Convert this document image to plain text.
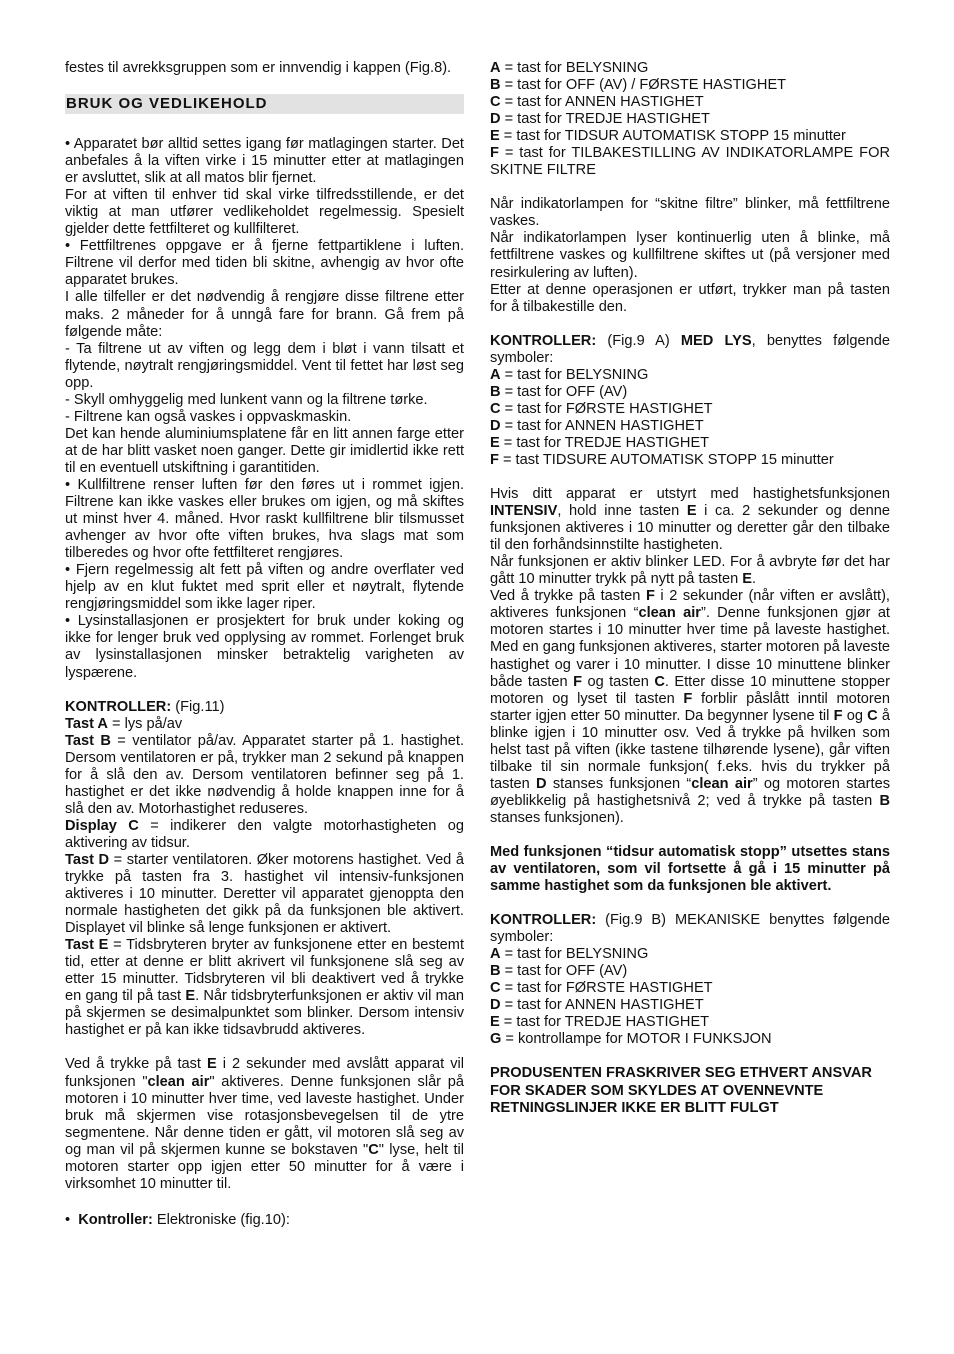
festes til avrekksgruppen som er innvendig i kappen (Fig.8).

BRUK OG VEDLIKEHOLD

• Apparatet bør alltid settes igang før matlagingen starter. Det anbefales å la viften virke i 15 minutter etter at matlagingen er avsluttet, slik at all matos blir fjernet.

For at viften til enhver tid skal virke tilfredsstillende, er det viktig at man utfører vedlikeholdet regelmessig. Spesielt gjelder dette fettfilteret og kullfilteret.

• Fettfiltrenes oppgave er å fjerne fettpartiklene i luften. Filtrene vil derfor med tiden bli skitne, avhengig av hvor ofte apparatet brukes.

I alle tilfeller er det nødvendig å rengjøre disse filtrene etter maks. 2 måneder for å unngå fare for brann. Gå frem på følgende måte:

- Ta filtrene ut av viften og legg dem i bløt i vann tilsatt et flytende, nøytralt rengjøringsmiddel. Vent til fettet har løst seg opp.

- Skyll omhyggelig med lunkent vann og la filtrene tørke.

- Filtrene kan også vaskes i oppvaskmaskin.

Det kan hende aluminiumsplatene får en litt annen farge etter at de har blitt vasket noen ganger. Dette gir imidlertid ikke rett til en eventuell utskiftning i garantitiden.

• Kullfiltrene renser luften før den føres ut i rommet igjen. Filtrene kan ikke vaskes eller brukes om igjen, og må skiftes ut minst hver 4. måned. Hvor raskt kullfiltrene blir tilsmusset avhenger av hvor ofte viften brukes, hva slags mat som tilberedes og hvor ofte fettfilteret rengjøres.

• Fjern regelmessig alt fett på viften og andre overflater ved hjelp av en klut fuktet med sprit eller et nøytralt, flytende rengjøringsmiddel som ikke lager riper.

• Lysinstallasjonen er prosjektert for bruk under koking og ikke for lenger bruk ved opplysing av rommet. Forlenget bruk av lysinstallasjonen minsker betraktelig varigheten av lyspærene.

KONTROLLER: (Fig.11)

Tast A = lys på/av

Tast B = ventilator på/av. Apparatet starter på 1. hastighet. Dersom ventilatoren er på, trykker man 2 sekund på knappen for å slå den av. Dersom ventilatoren befinner seg på 1. hastighet er det ikke nødvendig å holde knappen inne for å slå den av. Motorhastighet reduseres.

Display C = indikerer den valgte motorhastigheten og aktivering av tidsur.

Tast D = starter ventilatoren. Øker motorens hastighet. Ved å trykke på tasten fra 3. hastighet vil intensiv-funksjonen aktiveres i 10 minutter. Deretter vil apparatet gjenoppta den normale hastigheten det gikk på da funksjonen ble aktivert. Displayet vil blinke så lenge funksjonen er aktivert.

Tast E = Tidsbryteren bryter av funksjonene etter en bestemt tid, etter at denne er blitt akrivert vil funksjonene slå seg av etter 15 minutter. Tidsbryteren vil bli deaktivert ved å trykke en gang til på tast E. Når tidsbryterfunksjonen er aktiv vil man på skjermen se desimalpunktet som blinker. Dersom intensiv hastighet er på kan ikke tidsavbrudd aktiveres.

Ved å trykke på tast E i 2 sekunder med avslått apparat vil funksjonen "clean air" aktiveres. Denne funksjonen slår på motoren i 10 minutter hver time, ved laveste hastighet. Under bruk må skjermen vise rotasjonsbevegelsen til de ytre segmentene. Når denne tiden er gått, vil motoren slå seg av og man vil på skjermen kunne se bokstaven "C" lyse, helt til motoren starter opp igjen etter 50 minutter for å være i virksomhet 10 minutter til.

•  Kontroller: Elektroniske (fig.10):

A = tast for BELYSNING

B = tast for OFF (AV) / FØRSTE HASTIGHET

C = tast for ANNEN HASTIGHET

D = tast for TREDJE HASTIGHET

E = tast for TIDSUR AUTOMATISK STOPP 15 minutter

F = tast for TILBAKESTILLING AV INDIKATORLAMPE FOR SKITNE FILTRE

Når indikatorlampen for “skitne filtre” blinker, må fettfiltrene vaskes.

Når indikatorlampen lyser kontinuerlig uten å blinke, må fettfiltrene vaskes og kullfiltrene skiftes ut (på versjoner med resirkulering av luften).

Etter at denne operasjonen er utført, trykker man på tasten for å tilbakestille den.

KONTROLLER: (Fig.9 A) MED LYS, benyttes følgende symboler:

A = tast for BELYSNING

B = tast for OFF (AV)

C = tast for FØRSTE HASTIGHET

D = tast for ANNEN HASTIGHET

E = tast for TREDJE HASTIGHET

F = tast TIDSURE AUTOMATISK STOPP 15 minutter

Hvis ditt apparat er utstyrt med hastighetsfunksjonen INTENSIV, hold inne tasten E i ca. 2 sekunder og denne funksjonen aktiveres i 10 minutter og deretter går den tilbake til den forhåndsinnstilte hastigheten.

Når funksjonen er aktiv blinker LED. For å avbryte før det har gått 10 minutter trykk på nytt på tasten E.

Ved å trykke på tasten F i 2 sekunder (når viften er avslått), aktiveres funksjonen “clean air”. Denne funksjonen gjør at motoren startes i 10 minutter hver time på laveste hastighet. Med en gang funksjonen aktiveres, starter motoren på laveste hastighet og varer i 10 minutter. I disse 10 minuttene blinker både tasten F og tasten C. Etter disse 10 minuttene stopper motoren og lyset til tasten F forblir påslått inntil motoren starter igjen etter 50 minutter. Da begynner lysene til F og C å blinke igjen i 10 minutter osv. Ved å trykke på hvilken som helst tast på viften (ikke tastene tilhørende lysene), går viften tilbake til sin normale funksjon( f.eks. hvis du trykker på tasten D stanses funksjonen “clean air” og motoren startes øyeblikkelig på hastighetsnivå 2; ved å trykke på tasten B stanses funksjonen).

Med funksjonen “tidsur automatisk stopp” utsettes stans av ventilatoren, som vil fortsette å gå i 15 minutter på samme hastighet som da funksjonen ble aktivert.

KONTROLLER: (Fig.9 B) MEKANISKE benyttes følgende symboler:

A = tast for BELYSNING

B = tast for OFF (AV)

C = tast for FØRSTE HASTIGHET

D = tast for ANNEN HASTIGHET

E = tast for TREDJE HASTIGHET

G = kontrollampe for MOTOR I FUNKSJON

PRODUSENTEN FRASKRIVER SEG ETHVERT ANSVAR FOR SKADER SOM SKYLDES AT OVENNEVNTE RETNINGSLINJER IKKE ER BLITT FULGT
